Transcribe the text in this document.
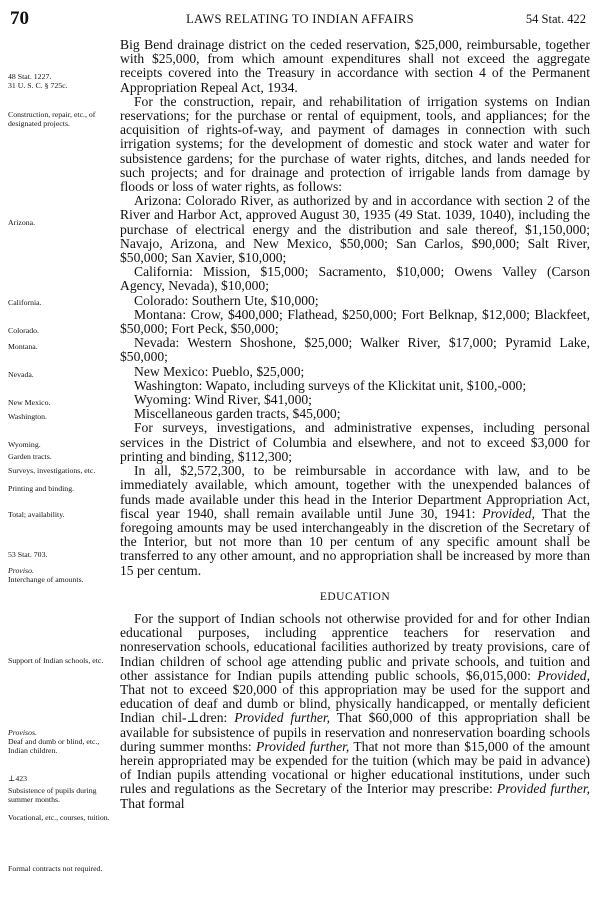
70	LAWS RELATING TO INDIAN AFFAIRS	54 Stat. 422
48 Stat. 1227.
31 U. S. C. § 725c.
Construction, repair, etc., of designated projects.
Arizona.
California.
Colorado.
Montana.
Nevada.
New Mexico.
Washington.
Wyoming.
Garden tracts.
Surveys, investigations, etc.
Printing and binding.
Total; availability.
53 Stat. 703.
Proviso.
Interchange of amounts.
Support of Indian schools, etc.
Provisos.
Deaf and dumb or blind, etc., Indian children.
⊥423
Subsistence of pupils during summer months.
Vocational, etc., courses, tuition.
Formal contracts not required.

Big Bend drainage district on the ceded reservation, $25,000, reimbursable, together with $25,000, from which amount expenditures shall not exceed the aggregate receipts covered into the Treasury in accordance with section 4 of the Permanent Appropriation Repeal Act, 1934.

For the construction, repair, and rehabilitation of irrigation systems on Indian reservations; for the purchase or rental of equipment, tools, and appliances; for the acquisition of rights-of-way, and payment of damages in connection with such irrigation systems; for the development of domestic and stock water and water for subsistence gardens; for the purchase of water rights, ditches, and lands needed for such projects; and for drainage and protection of irrigable lands from damage by floods or loss of water rights, as follows:

Arizona: Colorado River, as authorized by and in accordance with section 2 of the River and Harbor Act, approved August 30, 1935 (49 Stat. 1039, 1040), including the purchase of electrical energy and the distribution and sale thereof, $1,150,000; Navajo, Arizona, and New Mexico, $50,000; San Carlos, $90,000; Salt River, $50,000; San Xavier, $10,000;

California: Mission, $15,000; Sacramento, $10,000; Owens Valley (Carson Agency, Nevada), $10,000;

Colorado: Southern Ute, $10,000;

Montana: Crow, $400,000; Flathead, $250,000; Fort Belknap, $12,000; Blackfeet, $50,000; Fort Peck, $50,000;

Nevada: Western Shoshone, $25,000; Walker River, $17,000; Pyramid Lake, $50,000;

New Mexico: Pueblo, $25,000;

Washington: Wapato, including surveys of the Klickitat unit, $100,-000;

Wyoming: Wind River, $41,000;

Miscellaneous garden tracts, $45,000;

For surveys, investigations, and administrative expenses, including personal services in the District of Columbia and elsewhere, and not to exceed $3,000 for printing and binding, $112,300;

In all, $2,572,300, to be reimbursable in accordance with law, and to be immediately available, which amount, together with the unexpended balances of funds made available under this head in the Interior Department Appropriation Act, fiscal year 1940, shall remain available until June 30, 1941: Provided, That the foregoing amounts may be used interchangeably in the discretion of the Secretary of the Interior, but not more than 10 per centum of any specific amount shall be transferred to any other amount, and no appropriation shall be increased by more than 15 per centum.

EDUCATION

For the support of Indian schools not otherwise provided for and for other Indian educational purposes, including apprentice teachers for reservation and nonreservation schools, educational facilities authorized by treaty provisions, care of Indian children of school age attending public and private schools, and tuition and other assistance for Indian pupils attending public schools, $6,015,000: Provided, That not to exceed $20,000 of this appropriation may be used for the support and education of deaf and dumb or blind, physically handicapped, or mentally deficient Indian chil-⊥dren: Provided further, That $60,000 of this appropriation shall be available for subsistence of pupils in reservation and nonreservation boarding schools during summer months: Provided further, That not more than $15,000 of the amount herein appropriated may be expended for the tuition (which may be paid in advance) of Indian pupils attending vocational or higher educational institutions, under such rules and regulations as the Secretary of the Interior may prescribe: Provided further, That formal
